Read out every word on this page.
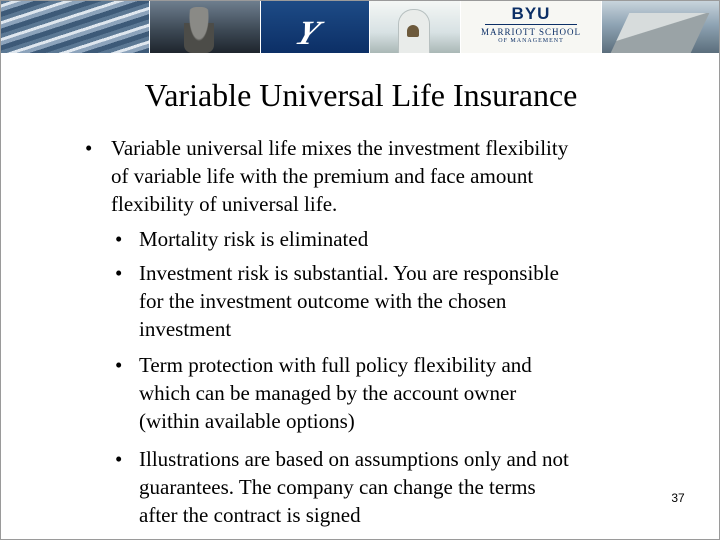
Y
BYU
MARRIOTT SCHOOL
OF MANAGEMENT
Variable Universal Life Insurance
• Variable universal life mixes the investment flexibility
of variable life with the premium and face amount
flexibility of universal life.
• Mortality risk is eliminated
• Investment risk is substantial. You are responsible
for the investment outcome with the chosen
investment
• Term protection with full policy flexibility and
which can be managed by the account owner
(within available options)
• Illustrations are based on assumptions only and not
guarantees. The company can change the terms
after the contract is signed
37
